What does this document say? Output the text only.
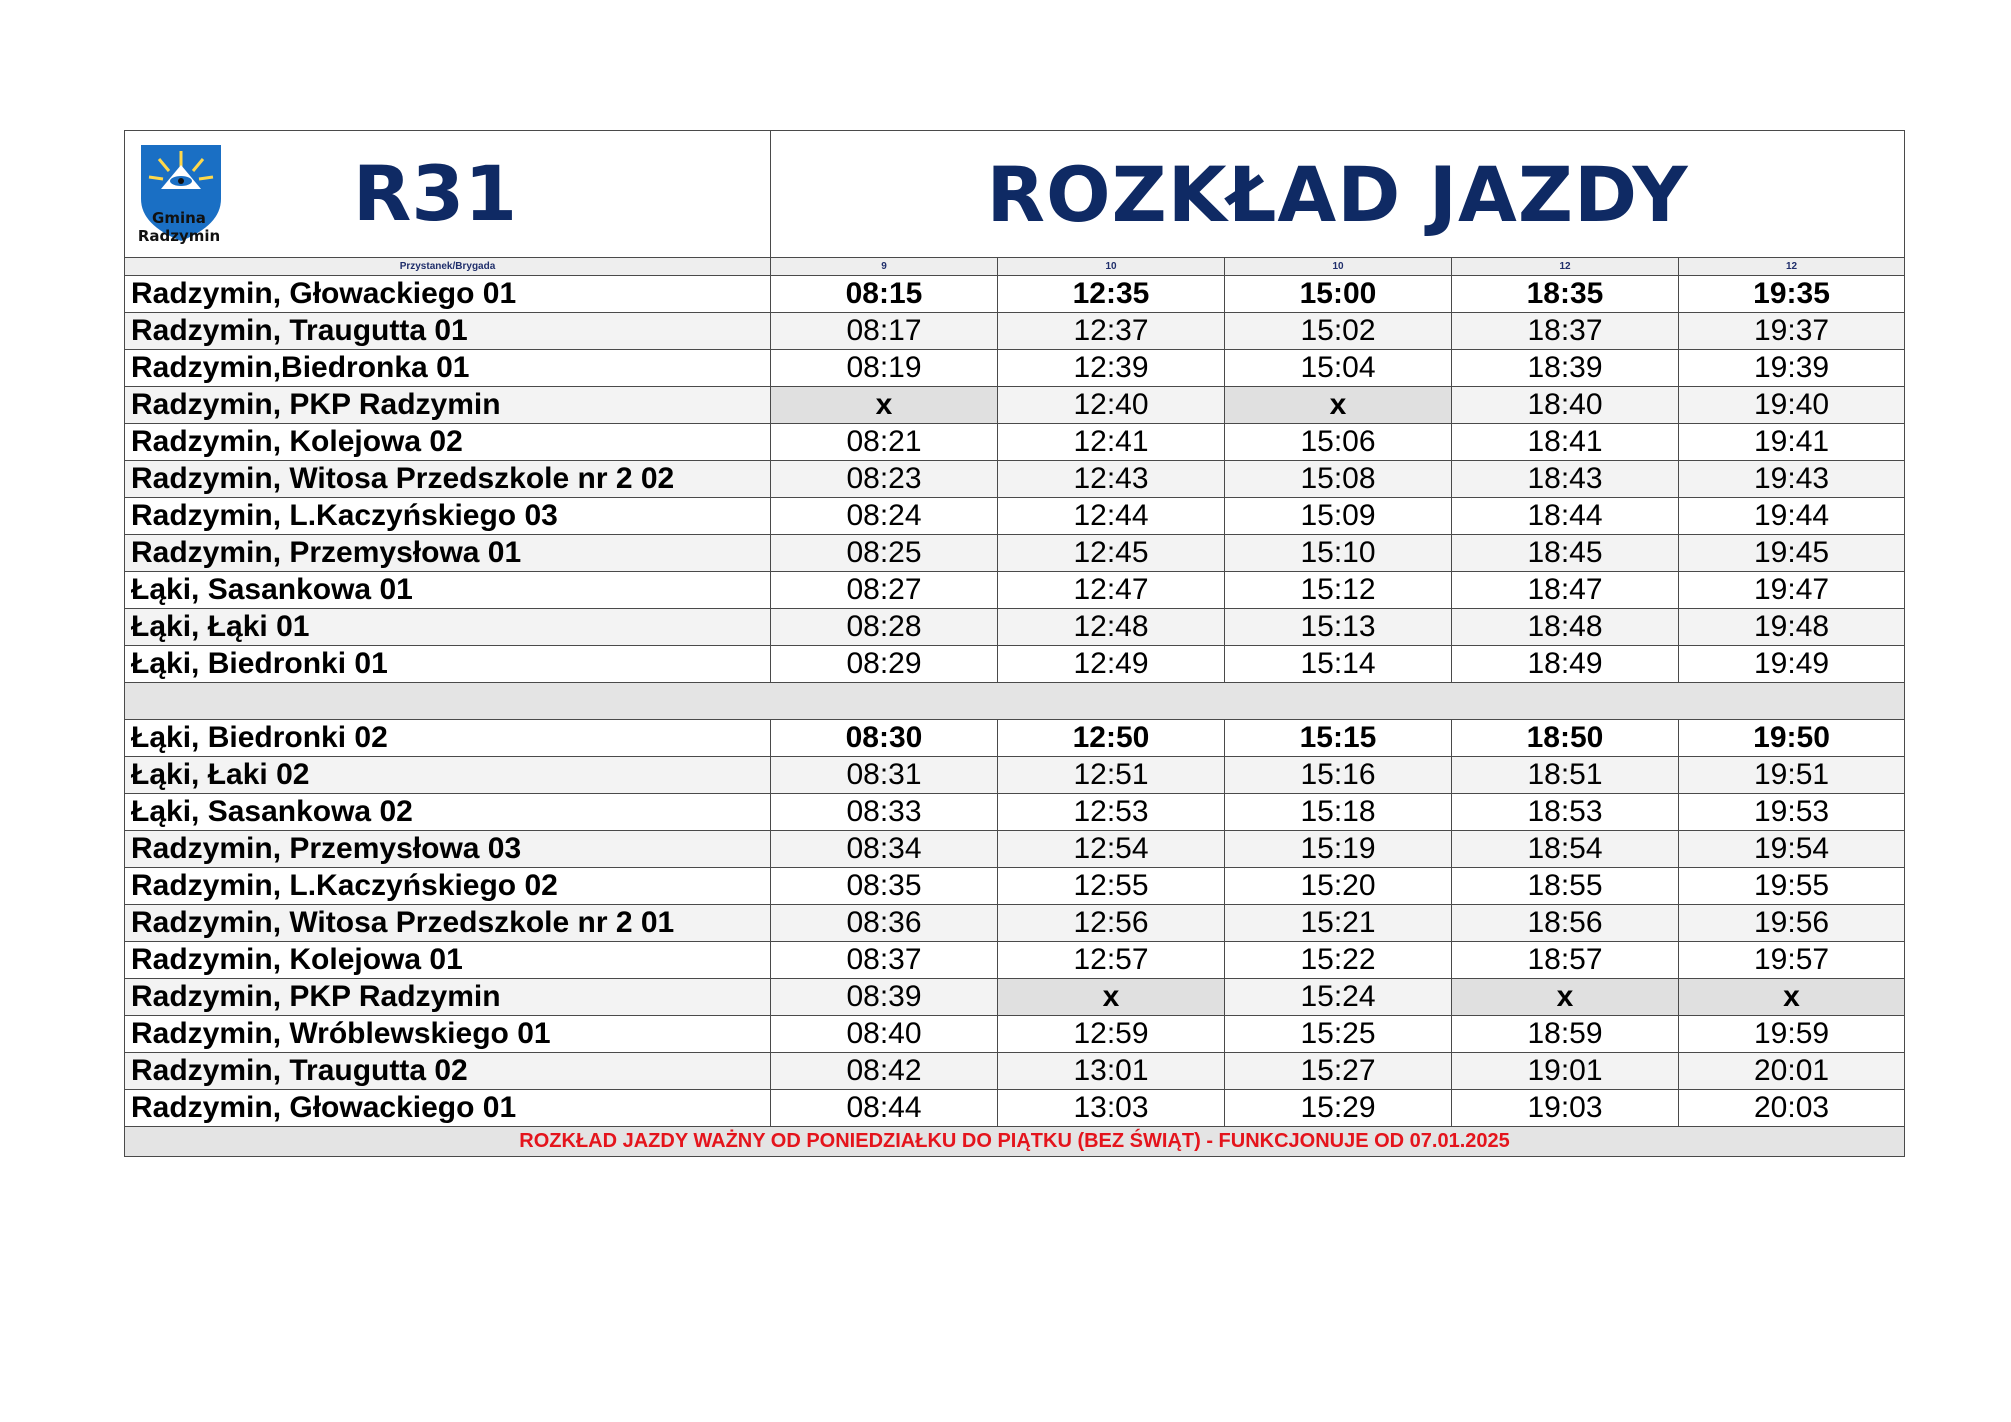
Gmina
Radzymin R31	ROZKŁAD JAZDY				
Przystanek/Brygada	9	10	10	12	12
Radzymin, Głowackiego 01	08:15	12:35	15:00	18:35	19:35
Radzymin, Traugutta 01	08:17	12:37	15:02	18:37	19:37
Radzymin,Biedronka 01	08:19	12:39	15:04	18:39	19:39
Radzymin, PKP Radzymin	x	12:40	x	18:40	19:40
Radzymin, Kolejowa 02	08:21	12:41	15:06	18:41	19:41
Radzymin, Witosa Przedszkole nr 2 02	08:23	12:43	15:08	18:43	19:43
Radzymin, L.Kaczyńskiego 03	08:24	12:44	15:09	18:44	19:44
Radzymin, Przemysłowa 01	08:25	12:45	15:10	18:45	19:45
Łąki, Sasankowa 01	08:27	12:47	15:12	18:47	19:47
Łąki, Łąki 01	08:28	12:48	15:13	18:48	19:48
Łąki, Biedronki 01	08:29	12:49	15:14	18:49	19:49

Łąki, Biedronki 02	08:30	12:50	15:15	18:50	19:50
Łąki, Łaki 02	08:31	12:51	15:16	18:51	19:51
Łąki, Sasankowa 02	08:33	12:53	15:18	18:53	19:53
Radzymin, Przemysłowa 03	08:34	12:54	15:19	18:54	19:54
Radzymin, L.Kaczyńskiego 02	08:35	12:55	15:20	18:55	19:55
Radzymin, Witosa Przedszkole nr 2 01	08:36	12:56	15:21	18:56	19:56
Radzymin, Kolejowa 01	08:37	12:57	15:22	18:57	19:57
Radzymin, PKP Radzymin	08:39	x	15:24	x	x
Radzymin, Wróblewskiego 01	08:40	12:59	15:25	18:59	19:59
Radzymin, Traugutta 02	08:42	13:01	15:27	19:01	20:01
Radzymin, Głowackiego 01	08:44	13:03	15:29	19:03	20:03
ROZKŁAD JAZDY WAŻNY OD PONIEDZIAŁKU DO PIĄTKU (BEZ ŚWIĄT) - FUNKCJONUJE OD 07.01.2025					
